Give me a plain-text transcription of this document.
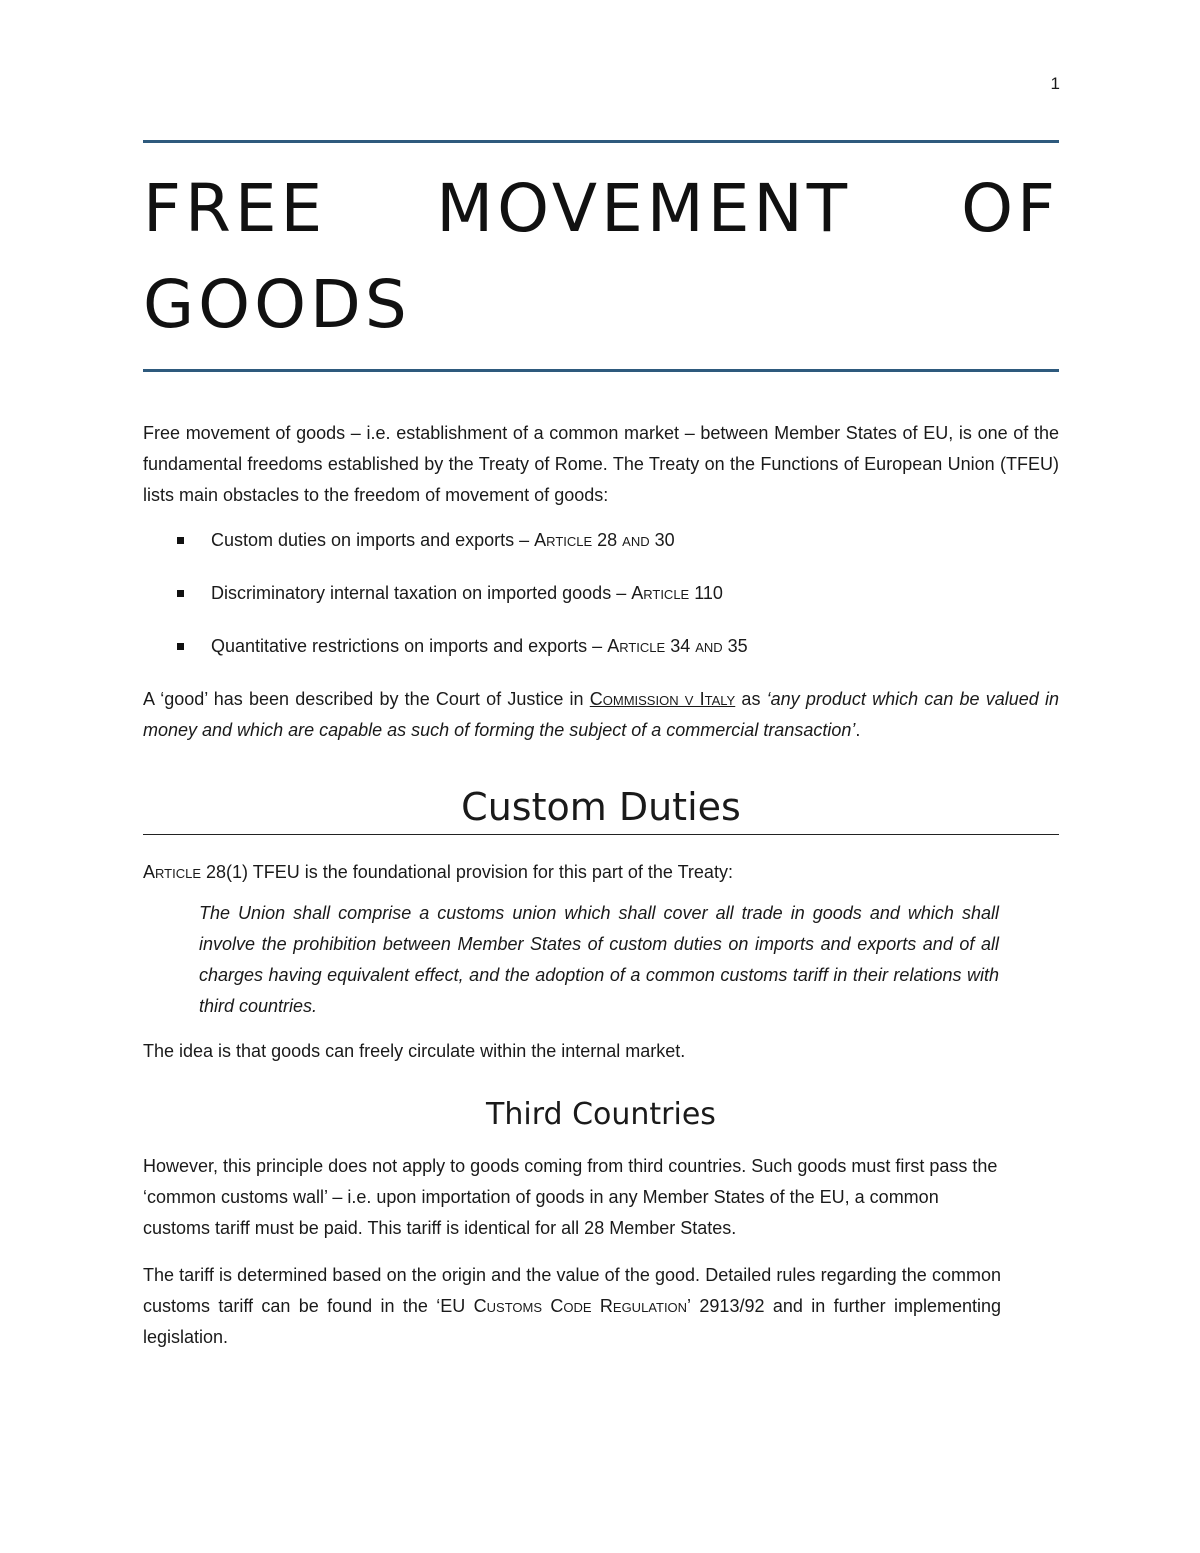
1
FREE MOVEMENT OF GOODS

Free movement of goods – i.e. establishment of a common market – between Member States of EU, is one of the fundamental freedoms established by the Treaty of Rome. The Treaty on the Functions of European Union (TFEU) lists main obstacles to the freedom of movement of goods:

Custom duties on imports and exports – Article 28 and 30
Discriminatory internal taxation on imported goods – Article 110
Quantitative restrictions on imports and exports – Article 34 and 35

A ‘good’ has been described by the Court of Justice in Commission v Italy as ‘any product which can be valued in money and which are capable as such of forming the subject of a commercial transaction’.

Custom Duties

Article 28(1) TFEU is the foundational provision for this part of the Treaty:

The Union shall comprise a customs union which shall cover all trade in goods and which shall involve the prohibition between Member States of custom duties on imports and exports and of all charges having equivalent effect, and the adoption of a common customs tariff in their relations with third countries.

The idea is that goods can freely circulate within the internal market.

Third Countries

However, this principle does not apply to goods coming from third countries. Such goods must first pass the ‘common customs wall’ – i.e. upon importation of goods in any Member States of the EU, a common customs tariff must be paid. This tariff is identical for all 28 Member States.

The tariff is determined based on the origin and the value of the good. Detailed rules regarding the common customs tariff can be found in the ‘EU Customs Code Regulation’ 2913/92 and in further implementing legislation.
